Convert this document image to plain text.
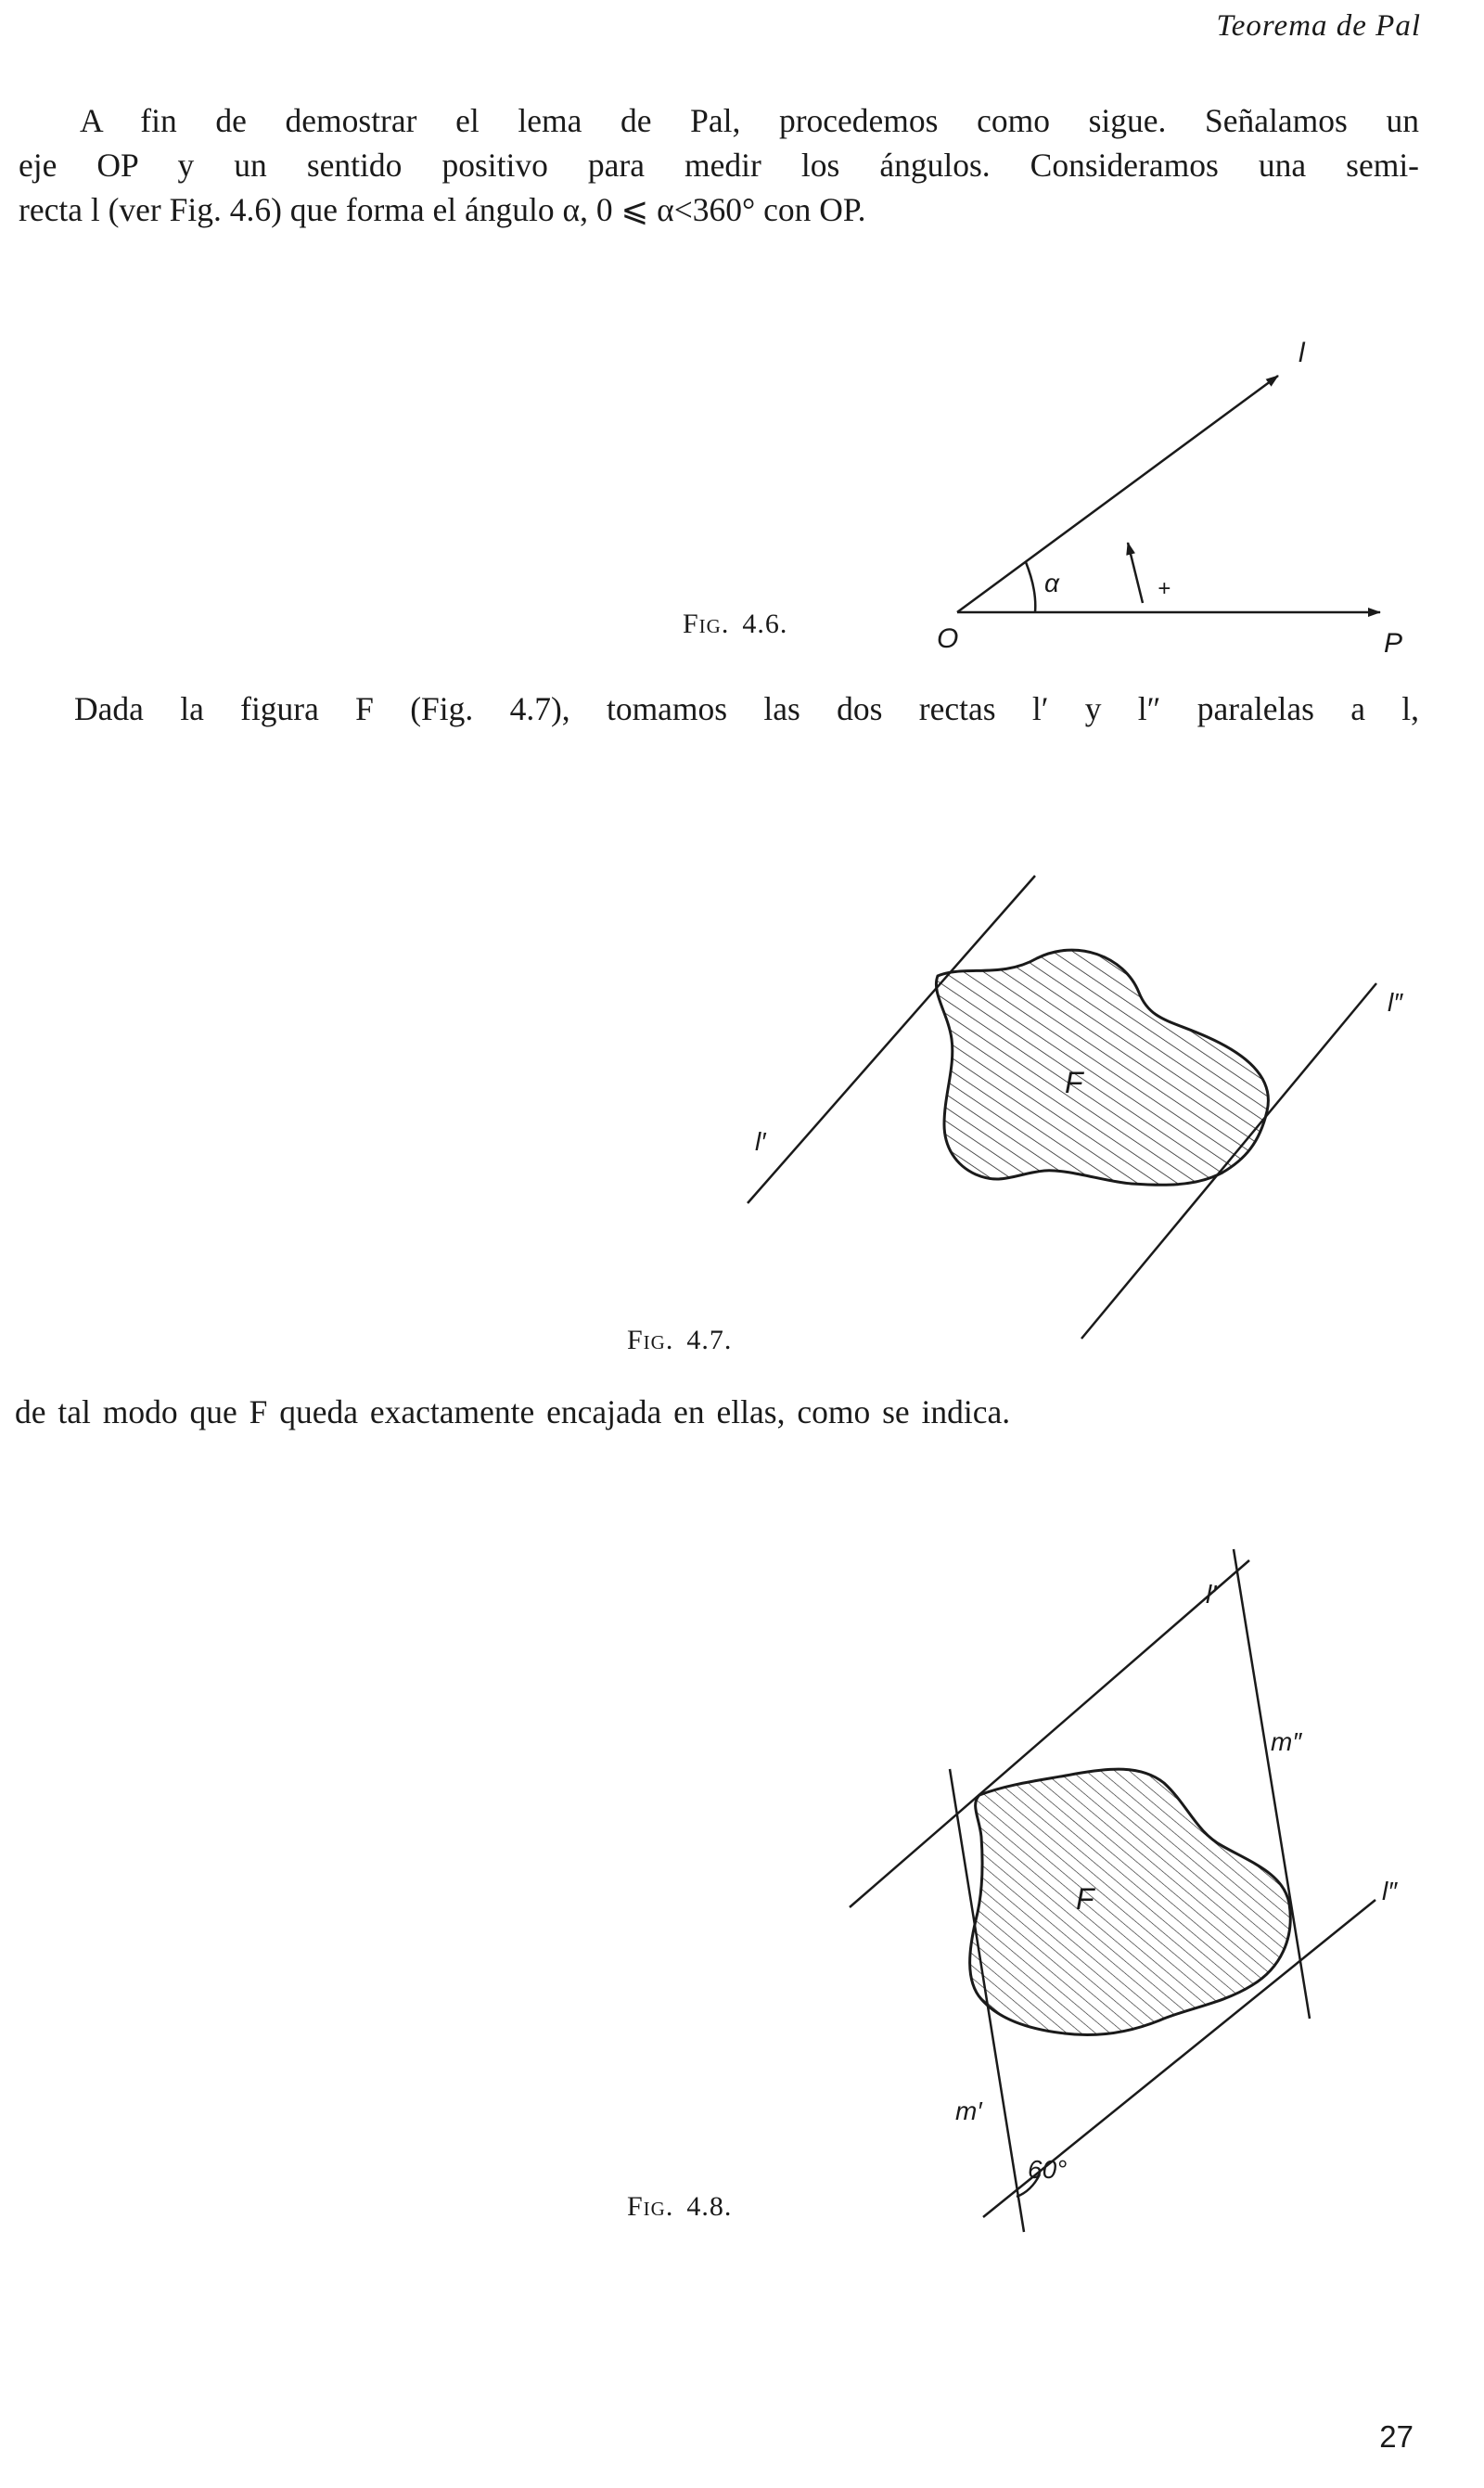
Teorema de Pal
A fin de demostrar el lema de Pal, procedemos como sigue. Señalamos un
eje OP y un sentido positivo para medir los ángulos. Consideramos una semi-
recta l (ver Fig. 4.6) que forma el ángulo α, 0 ⩽ α<360° con OP.
l
α	+
O	P
Fig. 4.6.
Dada la figura F (Fig. 4.7), tomamos las dos rectas l′ y l″ paralelas a l,
F
l′
l″
Fig. 4.7.
de tal modo que F queda exactamente encajada en ellas, como se indica.
l′
l″
m″
m′
F
60°
Fig. 4.8.
27
